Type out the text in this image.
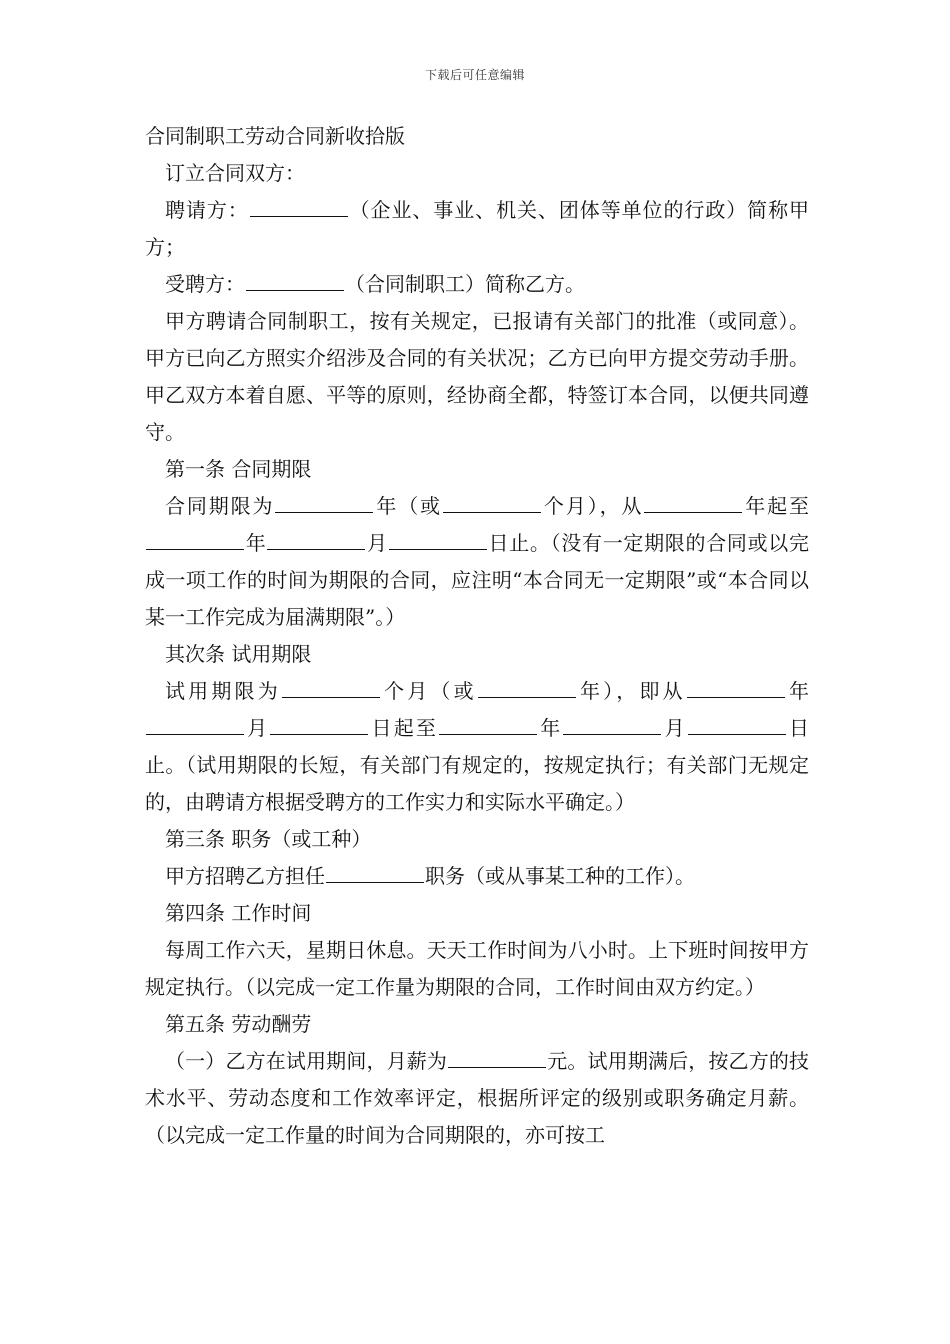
下载后可任意编辑

合同制职工劳动合同新收拾版

订立合同双方：

聘请方：	（企业、事业、机关、团体等单位的行政）简称甲方；

受聘方：	（合同制职工）简称乙方。

甲方聘请合同制职工，按有关规定，已报请有关部门的批准（或同意）。甲方已向乙方照实介绍涉及合同的有关状况；乙方已向甲方提交劳动手册。甲乙双方本着自愿、平等的原则，经协商全都，特签订本合同，以便共同遵守。

第一条 合同期限

合同期限为	年（或	个月），从	年起至年	月	日止。（没有一定期限的合同或以完成一项工作的时间为期限的合同，应注明“本合同无一定期限”或“本合同以某一工作完成为届满期限”。）

其次条 试用期限

试用期限为	个月（或	年），即从	年月	日起至	年	月	日止。（试用期限的长短，有关部门有规定的，按规定执行；有关部门无规定的，由聘请方根据受聘方的工作实力和实际水平确定。）

第三条 职务（或工种）

甲方招聘乙方担任	职务（或从事某工种的工作）。

第四条 工作时间

每周工作六天，星期日休息。天天工作时间为八小时。上下班时间按甲方规定执行。（以完成一定工作量为期限的合同，工作时间由双方约定。）

第五条 劳动酬劳

（一）乙方在试用期间，月薪为	元。试用期满后，按乙方的技术水平、劳动态度和工作效率评定，根据所评定的级别或职务确定月薪。（以完成一定工作量的时间为合同期限的，亦可按工
